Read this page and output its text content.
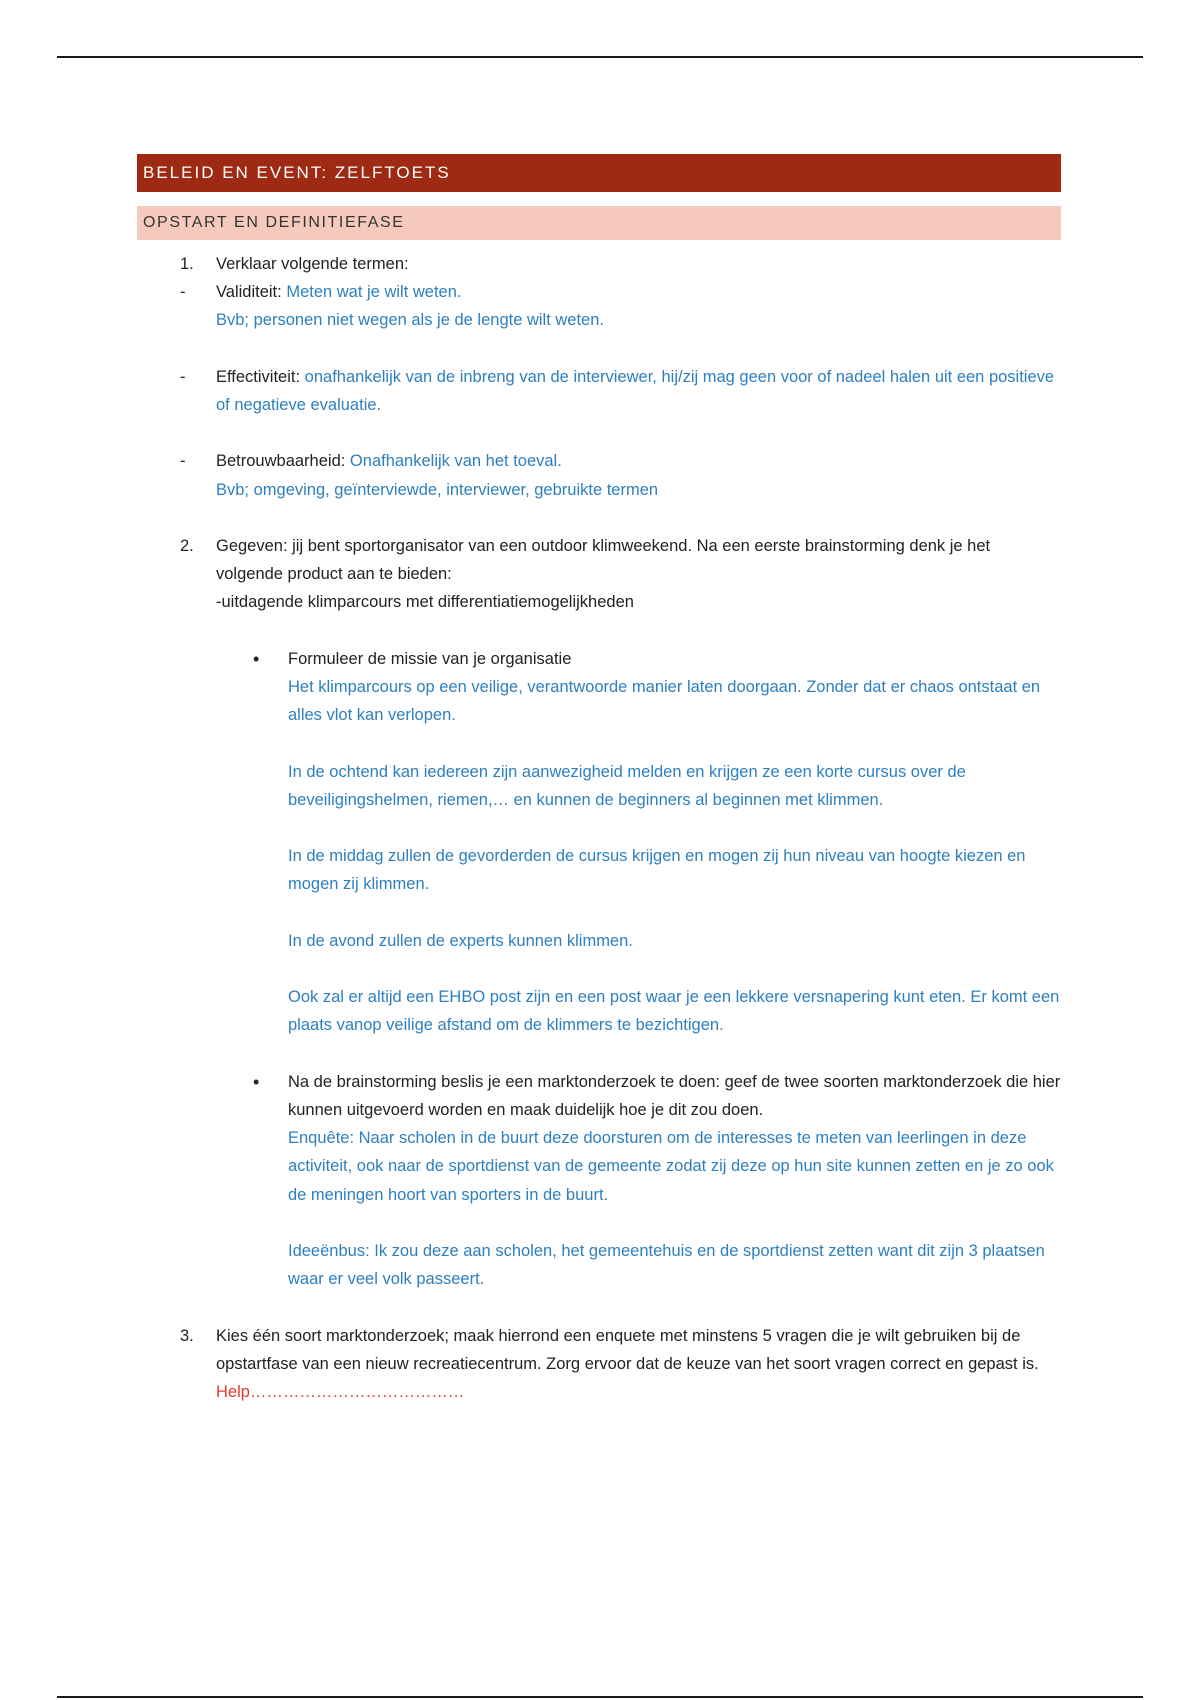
BELEID EN EVENT: ZELFTOETS
OPSTART EN DEFINITIEFASE
1. Verklaar volgende termen:
- Validiteit: Meten wat je wilt weten.
Bvb; personen niet wegen als je de lengte wilt weten.
- Effectiviteit: onafhankelijk van de inbreng van de interviewer, hij/zij mag geen voor of nadeel halen uit een positieve of negatieve evaluatie.
- Betrouwbaarheid: Onafhankelijk van het toeval.
Bvb; omgeving, geïnterviewde, interviewer, gebruikte termen
2. Gegeven: jij bent sportorganisator van een outdoor klimweekend. Na een eerste brainstorming denk je het volgende product aan te bieden:
-uitdagende klimparcours met differentiatiemogelijkheden
• Formuleer de missie van je organisatie
Het klimparcours op een veilige, verantwoorde manier laten doorgaan. Zonder dat er chaos ontstaat en alles vlot kan verlopen.
In de ochtend kan iedereen zijn aanwezigheid melden en krijgen ze een korte cursus over de beveiligingshelmen, riemen,… en kunnen de beginners al beginnen met klimmen.
In de middag zullen de gevorderden de cursus krijgen en mogen zij hun niveau van hoogte kiezen en mogen zij klimmen.
In de avond zullen de experts kunnen klimmen.
Ook zal er altijd een EHBO post zijn en een post waar je een lekkere versnapering kunt eten. Er komt een plaats vanop veilige afstand om de klimmers te bezichtigen.
• Na de brainstorming beslis je een marktonderzoek te doen: geef de twee soorten marktonderzoek die hier kunnen uitgevoerd worden en maak duidelijk hoe je dit zou doen.
Enquête: Naar scholen in de buurt deze doorsturen om de interesses te meten van leerlingen in deze activiteit, ook naar de sportdienst van de gemeente zodat zij deze op hun site kunnen zetten en je zo ook de meningen hoort van sporters in de buurt.
Ideeënbus: Ik zou deze aan scholen, het gemeentehuis en de sportdienst zetten want dit zijn 3 plaatsen waar er veel volk passeert.
3. Kies één soort marktonderzoek; maak hierrond een enquete met minstens 5 vragen die je wilt gebruiken bij de opstartfase van een nieuw recreatiecentrum. Zorg ervoor dat de keuze van het soort vragen correct en gepast is.
Help…………………………………
